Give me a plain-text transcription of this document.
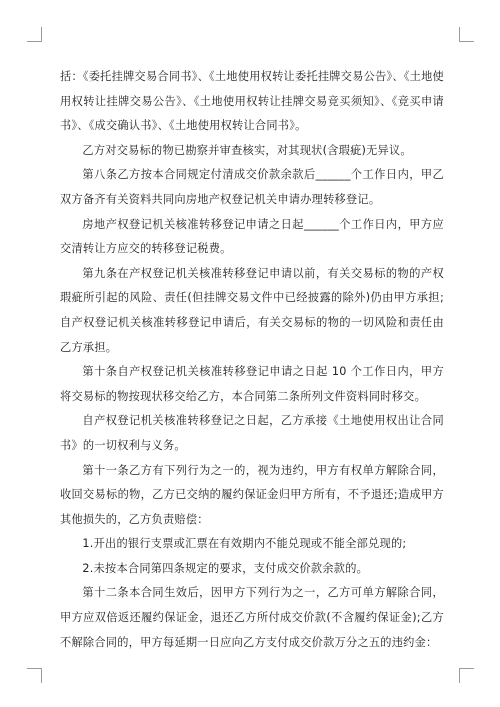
括：《委托挂牌交易合同书》、《土地使用权转让委托挂牌交易公告》、《土地使用权转让挂牌交易公告》、《土地使用权转让挂牌交易竞买须知》、《竞买申请书》、《成交确认书》、《土地使用权转让合同书》。

乙方对交易标的物已勘察并审查核实，对其现状(含瑕疵)无异议。

第八条乙方按本合同规定付清成交价款余款后______个工作日内，甲乙双方备齐有关资料共同向房地产权登记机关申请办理转移登记。

房地产权登记机关核准转移登记申请之日起______个工作日内，甲方应交清转让方应交的转移登记税费。

第九条在产权登记机关核准转移登记申请以前，有关交易标的物的产权瑕疵所引起的风险、责任(但挂牌交易文件中已经披露的除外)仍由甲方承担;自产权登记机关核准转移登记申请后，有关交易标的物的一切风险和责任由乙方承担。

第十条自产权登记机关核准转移登记申请之日起 10 个工作日内，甲方将交易标的物按现状移交给乙方，本合同第二条所列文件资料同时移交。

自产权登记机关核准转移登记之日起，乙方承接《土地使用权出让合同书》的一切权利与义务。

第十一条乙方有下列行为之一的，视为违约，甲方有权单方解除合同，收回交易标的物，乙方已交纳的履约保证金归甲方所有，不予退还;造成甲方其他损失的，乙方负责赔偿：

1.开出的银行支票或汇票在有效期内不能兑现或不能全部兑现的;

2.未按本合同第四条规定的要求，支付成交价款余款的。

第十二条本合同生效后，因甲方下列行为之一，乙方可单方解除合同，甲方应双倍返还履约保证金，退还乙方所付成交价款(不含履约保证金);乙方不解除合同的，甲方每延期一日应向乙方支付成交价款万分之五的违约金：
